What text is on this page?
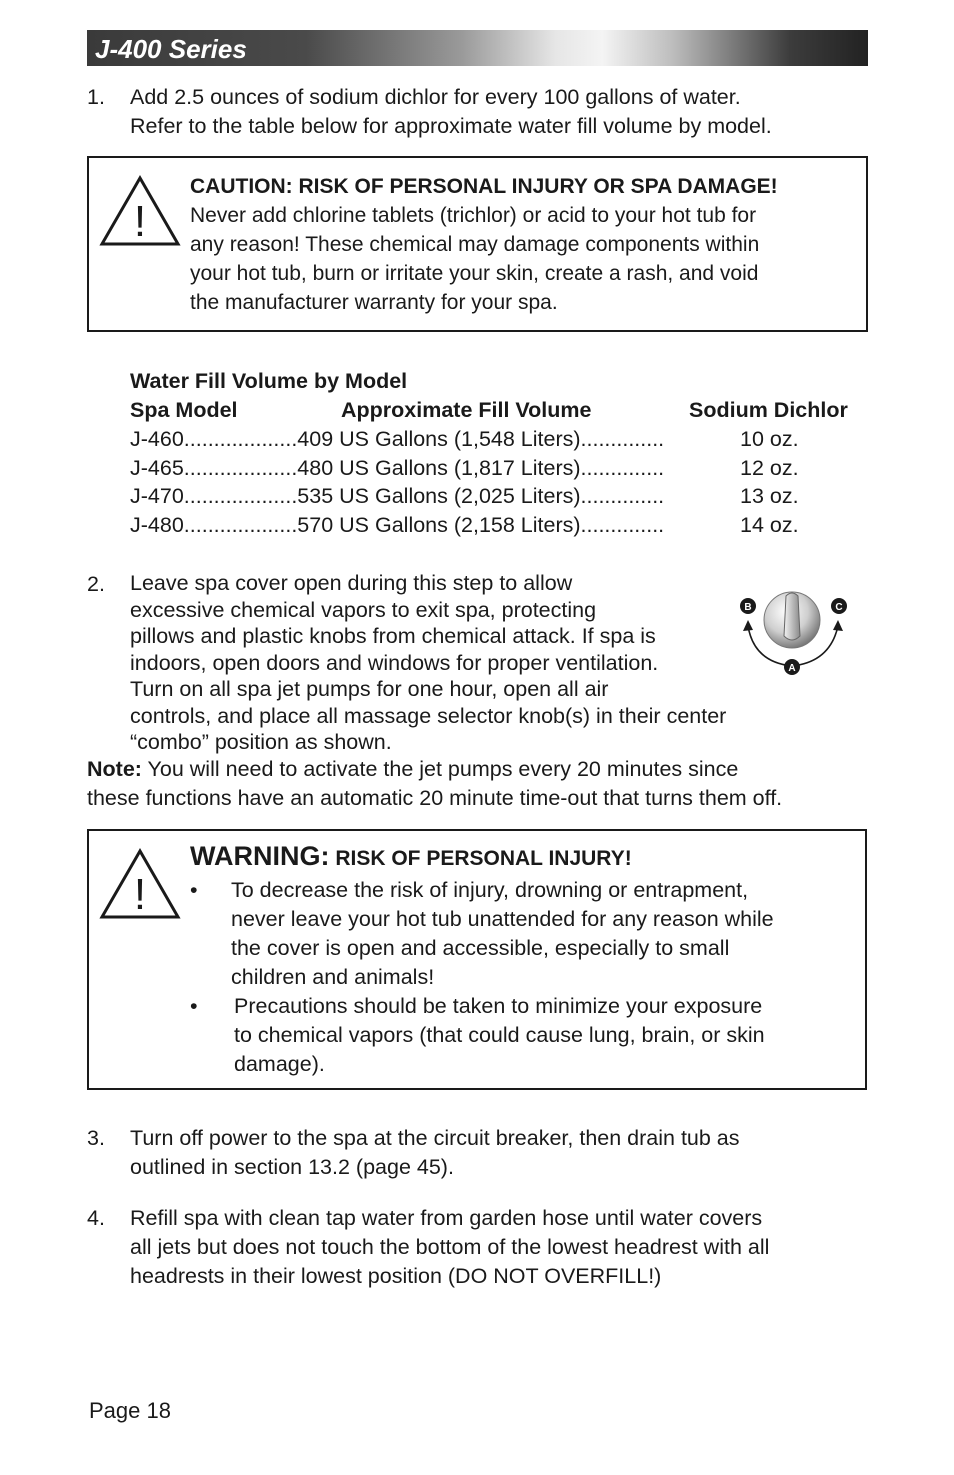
J-400 Series
1. Add 2.5 ounces of sodium dichlor for every 100 gallons of water.
Refer to the table below for approximate water fill volume by model.
!
CAUTION: RISK OF PERSONAL INJURY OR SPA DAMAGE!
Never add chlorine tablets (trichlor) or acid to your hot tub for
any reason! These chemical may damage components within
your hot tub, burn or irritate your skin, create a rash, and void
the manufacturer warranty for your spa.
Water Fill Volume by Model
Spa Model	Approximate Fill Volume	Sodium Dichlor
J-460...................409 US Gallons (1,548 Liters)..............	10 oz.
J-465...................480 US Gallons (1,817 Liters)..............	12 oz.
J-470...................535 US Gallons (2,025 Liters)..............	13 oz.
J-480...................570 US Gallons (2,158 Liters)..............	14 oz.
2. Leave spa cover open during this step to allow
excessive chemical vapors to exit spa, protecting
pillows and plastic knobs from chemical attack. If spa is
indoors, open doors and windows for proper ventilation.
Turn on all spa jet pumps for one hour, open all air
controls, and place all massage selector knob(s) in their center
“combo” position as shown.
B	C
A
Note: You will need to activate the jet pumps every 20 minutes since
these functions have an automatic 20 minute time-out that turns them off.
!
WARNING: RISK OF PERSONAL INJURY!
• To decrease the risk of injury, drowning or entrapment,
never leave your hot tub unattended for any reason while
the cover is open and accessible, especially to small
children and animals!
• Precautions should be taken to minimize your exposure
to chemical vapors (that could cause lung, brain, or skin
damage).
3. Turn off power to the spa at the circuit breaker, then drain tub as
outlined in section 13.2 (page 45).
4. Refill spa with clean tap water from garden hose until water covers
all jets but does not touch the bottom of the lowest headrest with all
headrests in their lowest position (DO NOT OVERFILL!)
Page 18
